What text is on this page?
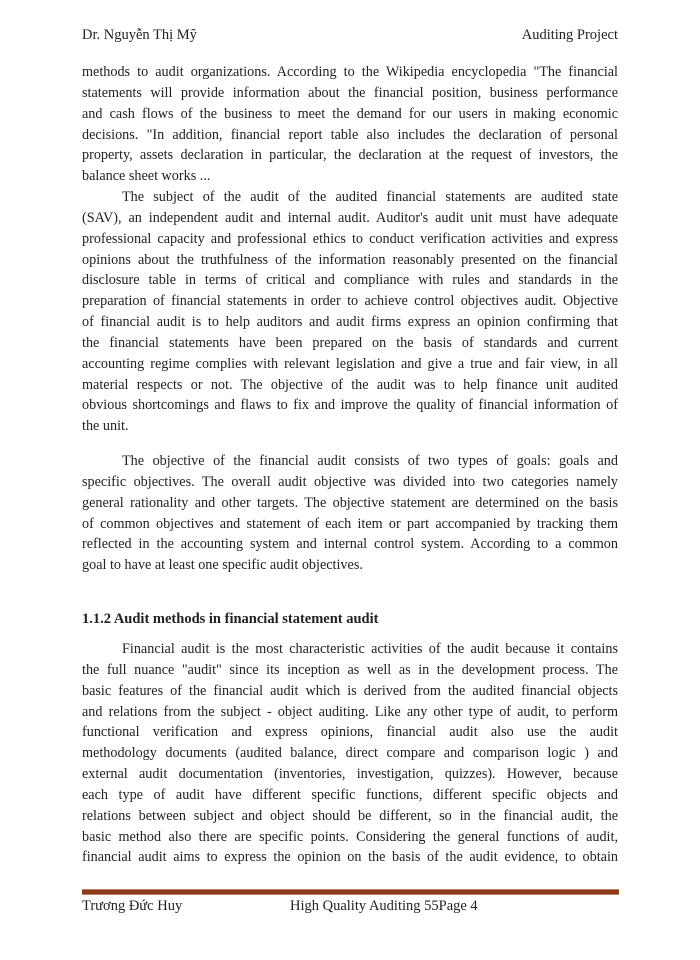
Dr. Nguyễn Thị Mỹ	Auditing Project
methods to audit organizations. According to the Wikipedia encyclopedia "The financial
statements will provide information about the financial position, business performance
and cash flows of the business to meet the demand for our users in making economic
decisions. "In addition, financial report table also includes the declaration of personal
property, assets declaration in particular, the declaration at the request of investors, the
balance sheet works ...
The subject of the audit of the audited financial statements are audited state
(SAV), an independent audit and internal audit. Auditor's audit unit must have adequate
professional capacity and professional ethics to conduct verification activities and express
opinions about the truthfulness of the information reasonably presented on the financial
disclosure table in terms of critical and compliance with rules and standards in the
preparation of financial statements in order to achieve control objectives audit. Objective
of financial audit is to help auditors and audit firms express an opinion confirming that
the financial statements have been prepared on the basis of standards and current
accounting regime complies with relevant legislation and give a true and fair view, in all
material respects or not. The objective of the audit was to help finance unit audited
obvious shortcomings and flaws to fix and improve the quality of financial information of
the unit.
The objective of the financial audit consists of two types of goals: goals and
specific objectives. The overall audit objective was divided into two categories namely
general rationality and other targets. The objective statement are determined on the basis
of common objectives and statement of each item or part accompanied by tracking them
reflected in the accounting system and internal control system. According to a common
goal to have at least one specific audit objectives.
1.1.2 Audit methods in financial statement audit
Financial audit is the most characteristic activities of the audit because it contains
the full nuance "audit" since its inception as well as in the development process. The
basic features of the financial audit which is derived from the audited financial objects
and relations from the subject - object auditing. Like any other type of audit, to perform
functional verification and express opinions, financial audit also use the audit
methodology documents (audited balance, direct compare and comparison logic ) and
external audit documentation (inventories, investigation, quizzes). However, because
each type of audit have different specific functions, different specific objects and
relations between subject and object should be different, so in the financial audit, the
basic method also there are specific points. Considering the general functions of audit,
financial audit aims to express the opinion on the basis of the audit evidence, to obtain
Trương Đức Huy	High Quality Auditing 55Page 4
